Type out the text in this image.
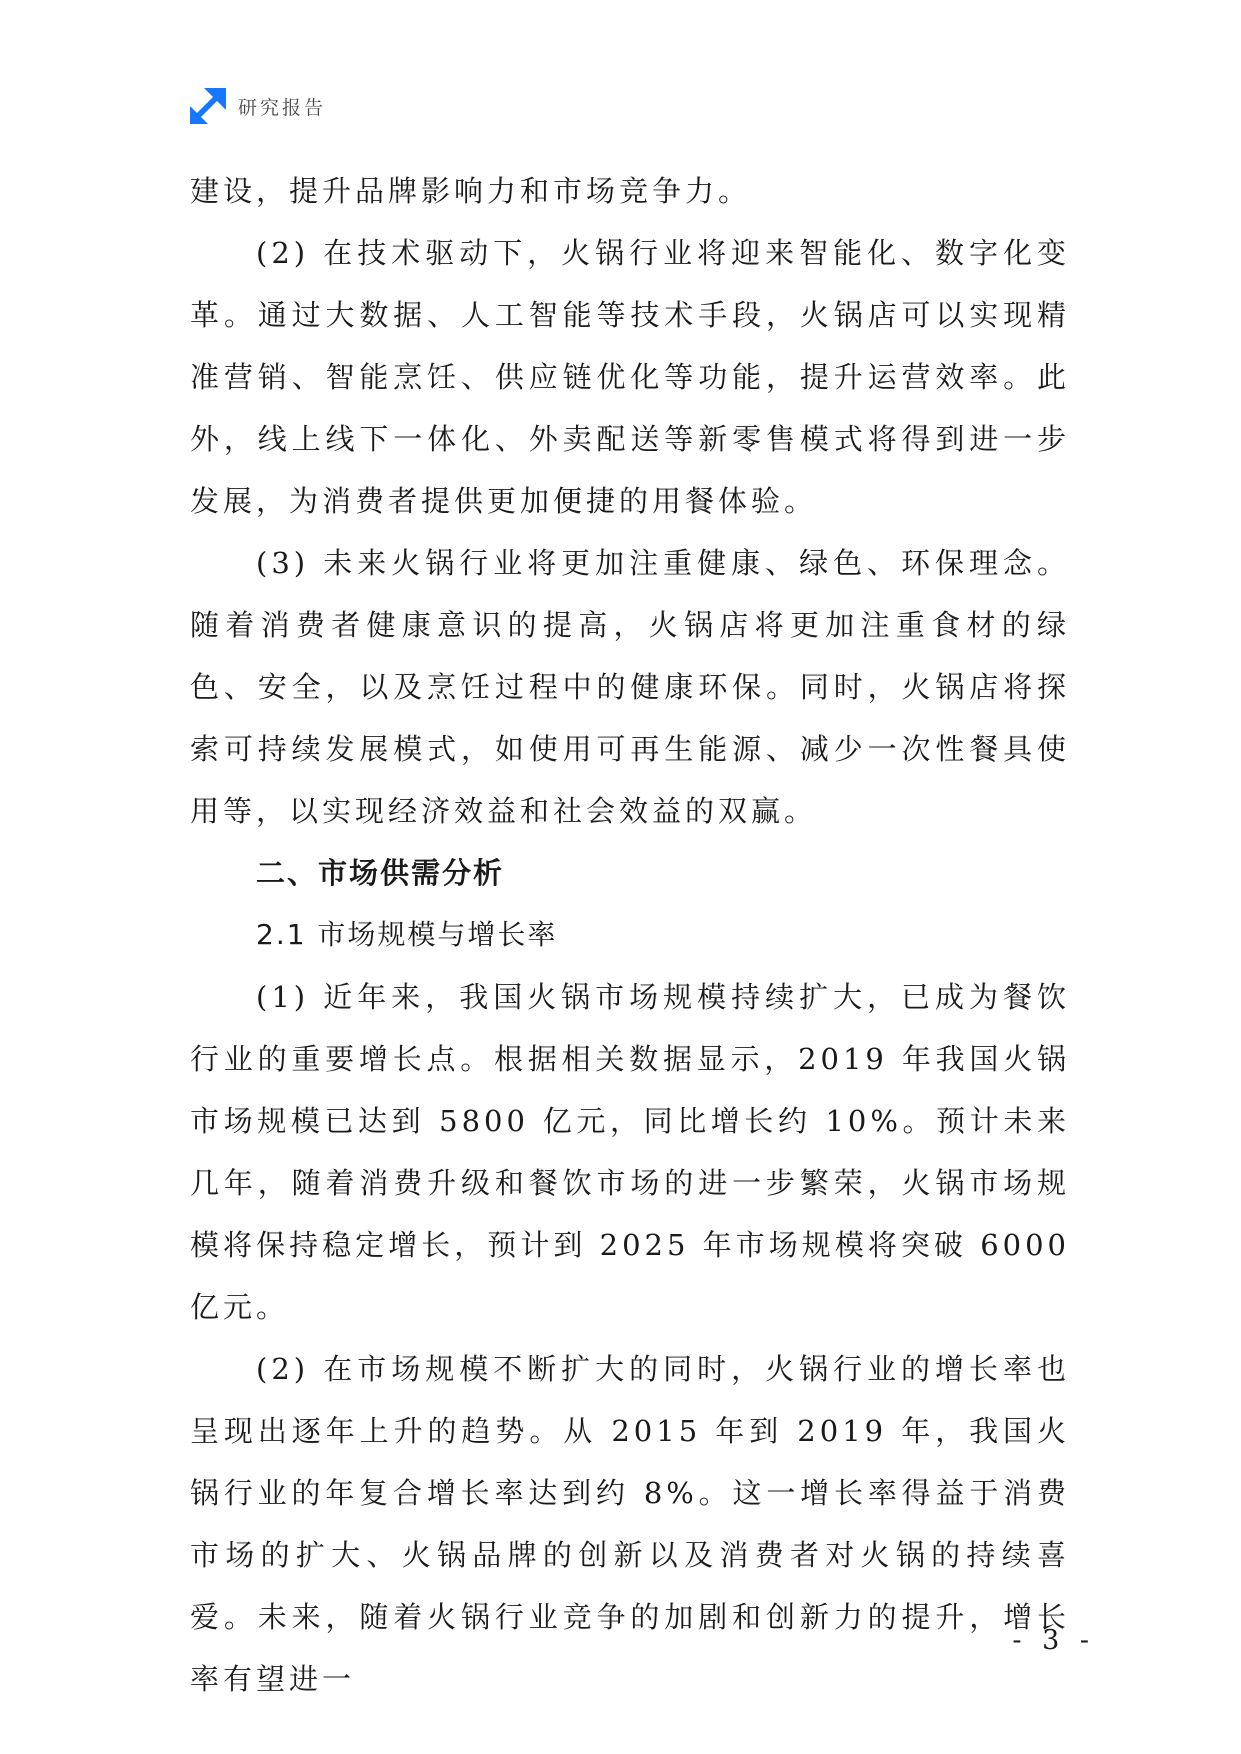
研究报告

建设，提升品牌影响力和市场竞争力。

(2) 在技术驱动下，火锅行业将迎来智能化、数字化变革。通过大数据、人工智能等技术手段，火锅店可以实现精准营销、智能烹饪、供应链优化等功能，提升运营效率。此外，线上线下一体化、外卖配送等新零售模式将得到进一步发展，为消费者提供更加便捷的用餐体验。

(3) 未来火锅行业将更加注重健康、绿色、环保理念。随着消费者健康意识的提高，火锅店将更加注重食材的绿色、安全，以及烹饪过程中的健康环保。同时，火锅店将探索可持续发展模式，如使用可再生能源、减少一次性餐具使用等，以实现经济效益和社会效益的双赢。

二、市场供需分析

2.1 市场规模与增长率

(1) 近年来，我国火锅市场规模持续扩大，已成为餐饮行业的重要增长点。根据相关数据显示，2019 年我国火锅市场规模已达到 5800 亿元，同比增长约 10%。预计未来几年，随着消费升级和餐饮市场的进一步繁荣，火锅市场规模将保持稳定增长，预计到 2025 年市场规模将突破 6000 亿元。

(2) 在市场规模不断扩大的同时，火锅行业的增长率也呈现出逐年上升的趋势。从 2015 年到 2019 年，我国火锅行业的年复合增长率达到约 8%。这一增长率得益于消费市场的扩大、火锅品牌的创新以及消费者对火锅的持续喜爱。未来，随着火锅行业竞争的加剧和创新力的提升，增长率有望进一

- 3 -
